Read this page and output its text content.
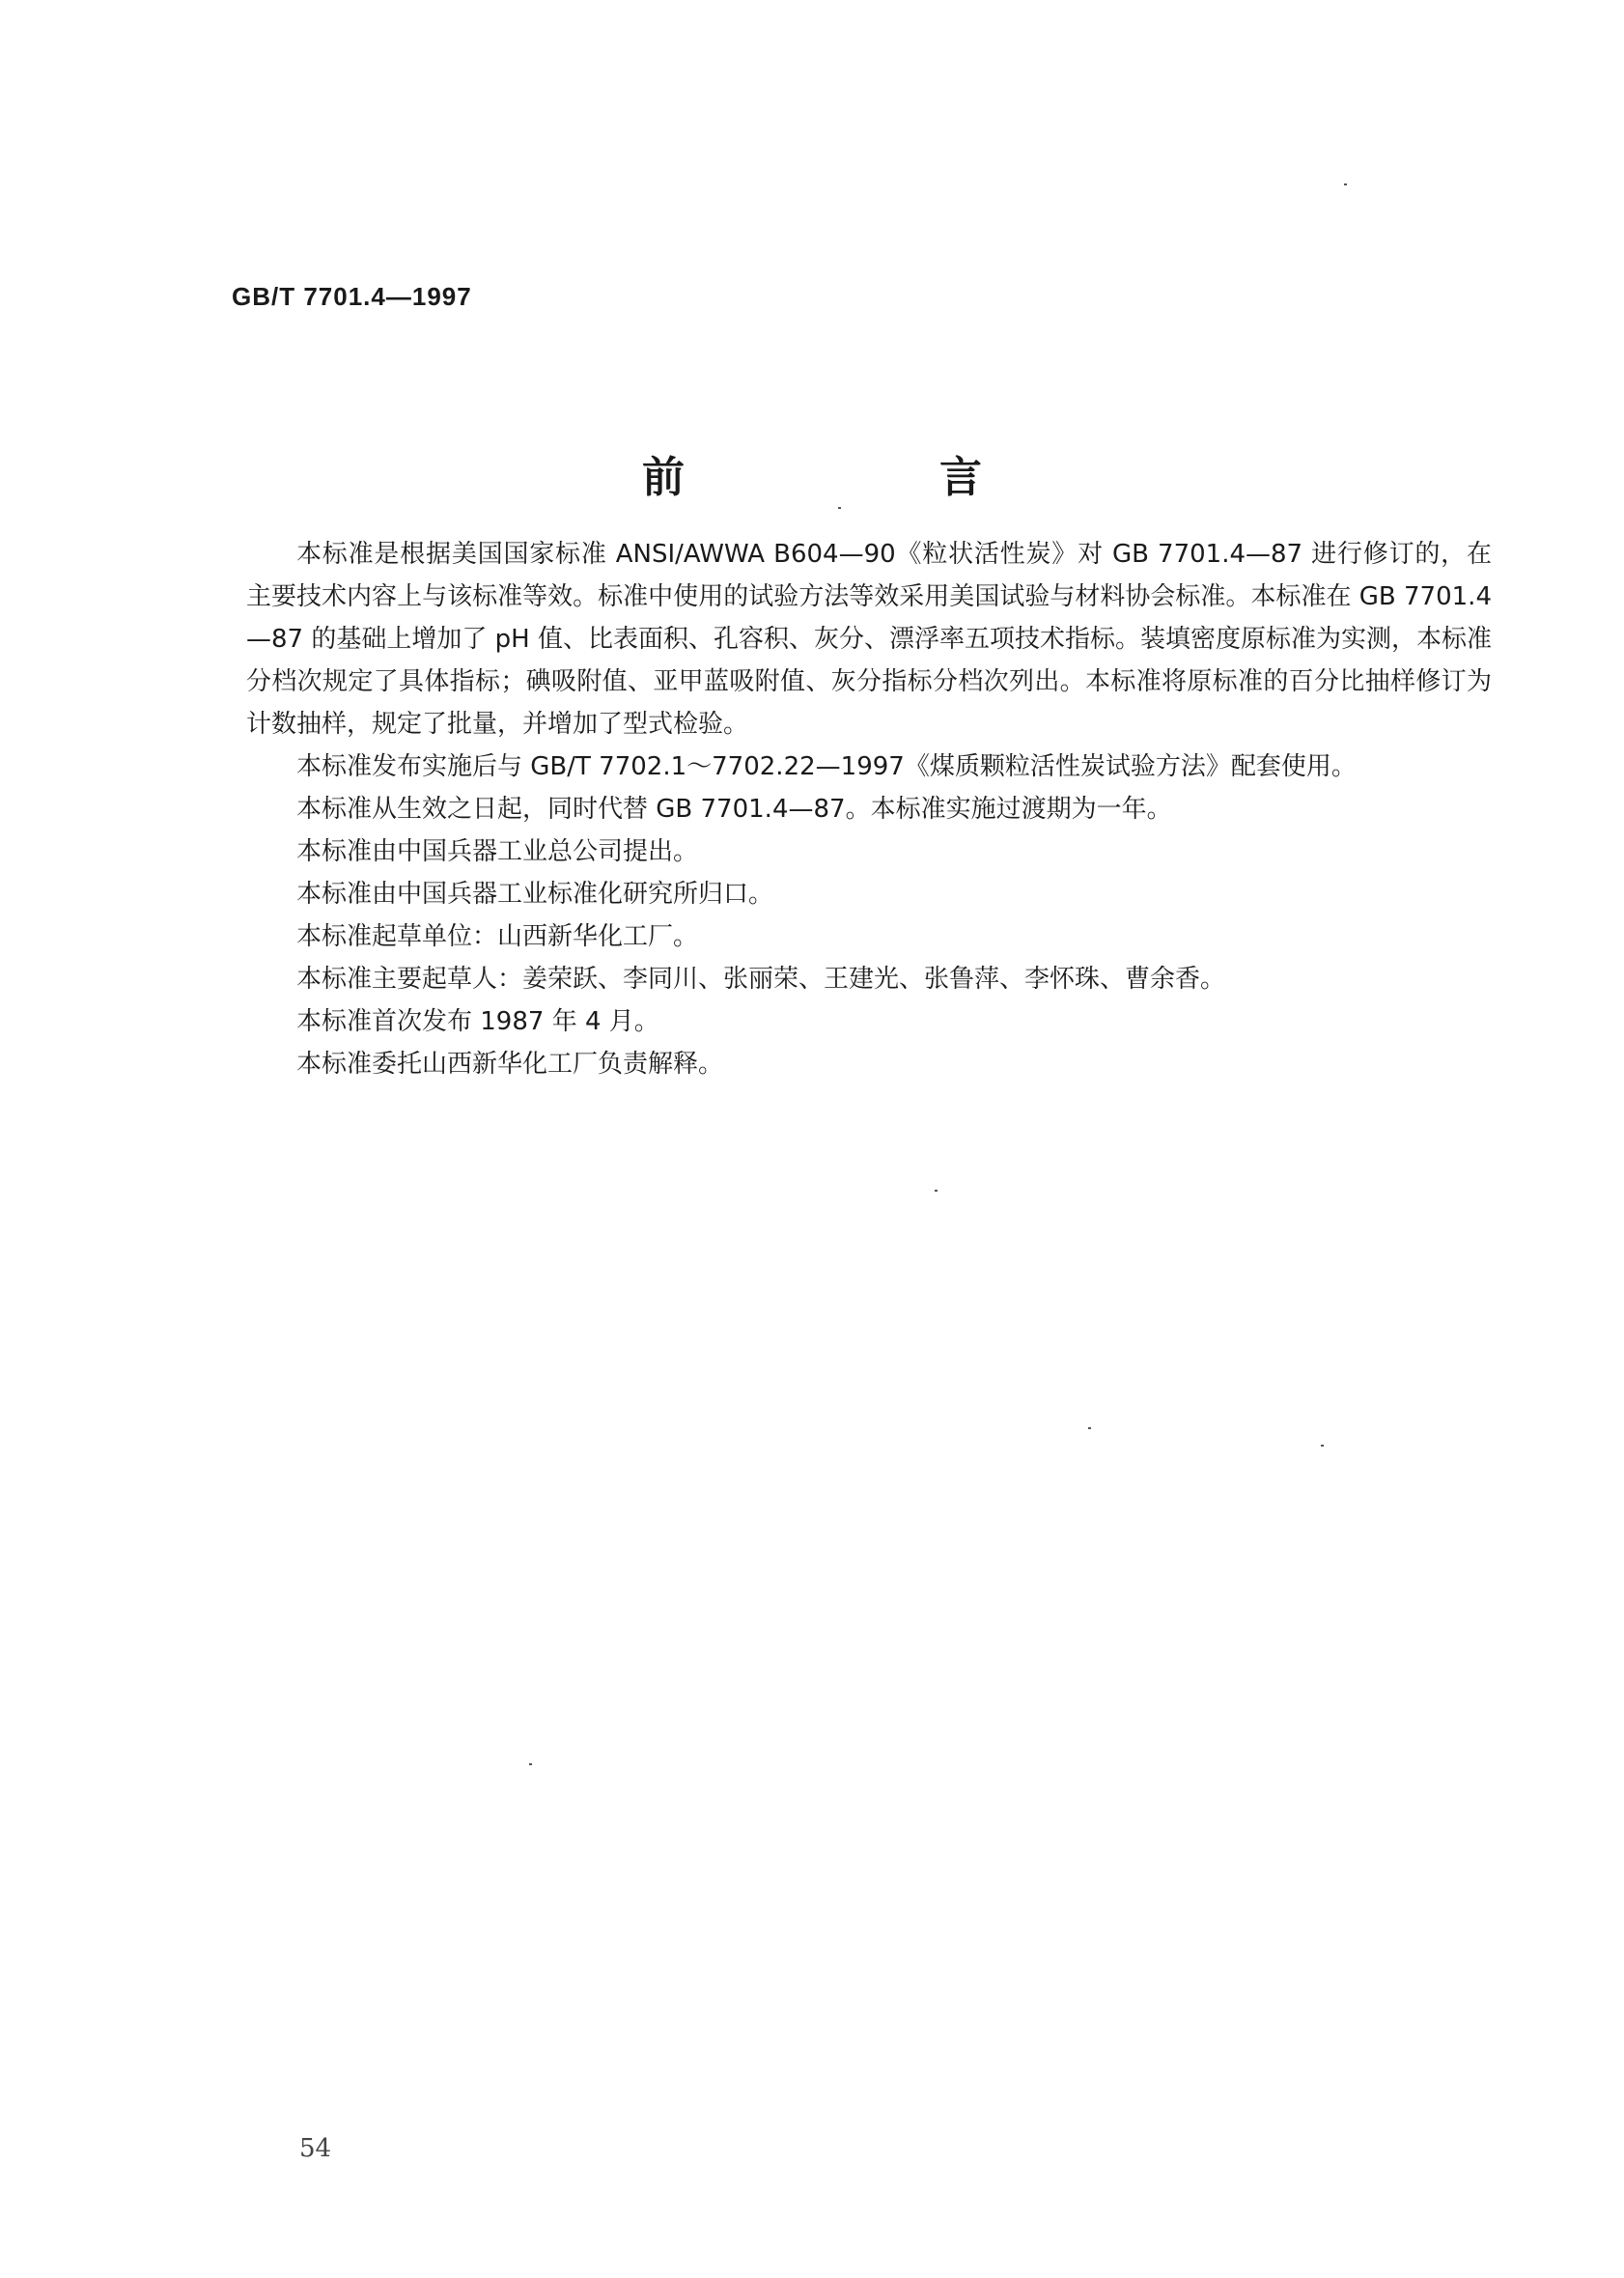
GB/T 7701.4—1997
前　言

本标准是根据美国国家标准 ANSI/AWWA B604—90《粒状活性炭》对 GB 7701.4—87 进行修订的，在主要技术内容上与该标准等效。标准中使用的试验方法等效采用美国试验与材料协会标准。本标准在 GB 7701.4—87 的基础上增加了 pH 值、比表面积、孔容积、灰分、漂浮率五项技术指标。装填密度原标准为实测，本标准分档次规定了具体指标；碘吸附值、亚甲蓝吸附值、灰分指标分档次列出。本标准将原标准的百分比抽样修订为计数抽样，规定了批量，并增加了型式检验。

本标准发布实施后与 GB/T 7702.1～7702.22—1997《煤质颗粒活性炭试验方法》配套使用。

本标准从生效之日起，同时代替 GB 7701.4—87。本标准实施过渡期为一年。

本标准由中国兵器工业总公司提出。

本标准由中国兵器工业标准化研究所归口。

本标准起草单位：山西新华化工厂。

本标准主要起草人：姜荣跃、李同川、张丽荣、王建光、张鲁萍、李怀珠、曹余香。

本标准首次发布 1987 年 4 月。

本标准委托山西新华化工厂负责解释。

54
